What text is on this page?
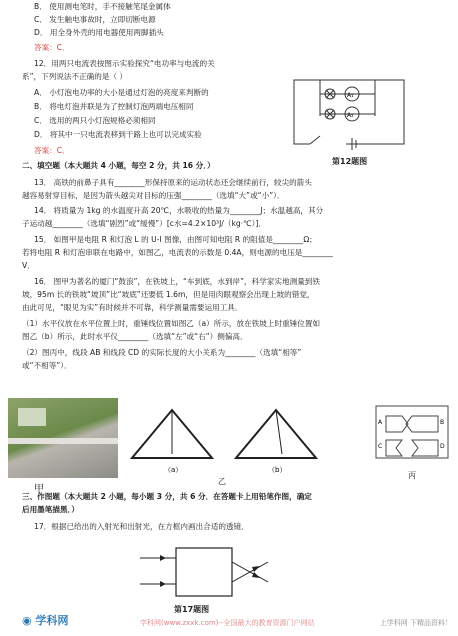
B． 使用测电笔时，手不接触笔尾金属体
C． 发生触电事故时，立即切断电源
D． 用全身外壳的用电器使用两脚插头
答案：C．
12．用两只电流表按图示实验探究“电功率与电流的关
系”，下列说法不正确的是（ ）
A． 小灯泡电功率的大小是通过灯泡的亮度来判断的
B． 将电灯泡并联是为了控制灯泡两端电压相同
C． 选用的两只小灯泡规格必须相同
D． 将其中一只电流表移到干路上也可以完成实验
答案：C．
二、填空题（本大题共 4 小题，每空 2 分，共 16 分．）
13． 高铁的前鼻子具有________形保持原来的运动状态还会继续前行，较尖的箭头
越容易射穿目标，是因为箭头越尖对目标的压强________（选填“大”或“小”）．
14． 将质量为 1kg 的水温度升高 20℃，水吸收的热量为________J；水温越高，其分
子运动越________（选填“剧烈”或“缓慢”）[c水=4.2×10³J/（kg·℃）]．
15． 如图甲是电阻 R 和灯泡 L 的 U-I 图像，由图可知电阻 R 的阻值是________Ω；
若将电阻 R 和灯泡串联在电路中，如图乙，电流表的示数是 0.4A，则电源的电压是________
V．
16． 图甲为著名的厦门“鼓浪”，在铁坡上，“车到底，水到岸”，科学家实地测量到铁
坡，95m 长的铁坡“坡顶”比“坡底”还要低 1.6m，但是用肉眼观察会出现上坡的错觉，
由此可见，“眼见为实”有时候并不可靠，科学测量需要运用工具．
（1）水平仪放在水平位置上时，重锤线位置如图乙（a）所示，放在铁坡上时重锤位置如
图乙（b）所示，此时水平仪________（选填“左”或“右”）侧偏高．
（2）图丙中，线段 AB 和线段 CD 的实际长度的大小关系为________（选填“相等”
或“不相等”）．
三、作图题（本大题共 2 小题，每小题 3 分，共 6 分．在答题卡上用铅笔作图，确定
后用墨笔描黑．）
17．根据已给出的入射光和出射光，在方框内画出合适的透镜．
A₁
A₂
第12题图
（a）	（b）
乙
A	B
C	D
丙
甲
第17题图
◉ 学科网	学科网(www.zxxk.com)--全国最大的教育资源门户网站	上学科网 下精品资料！
